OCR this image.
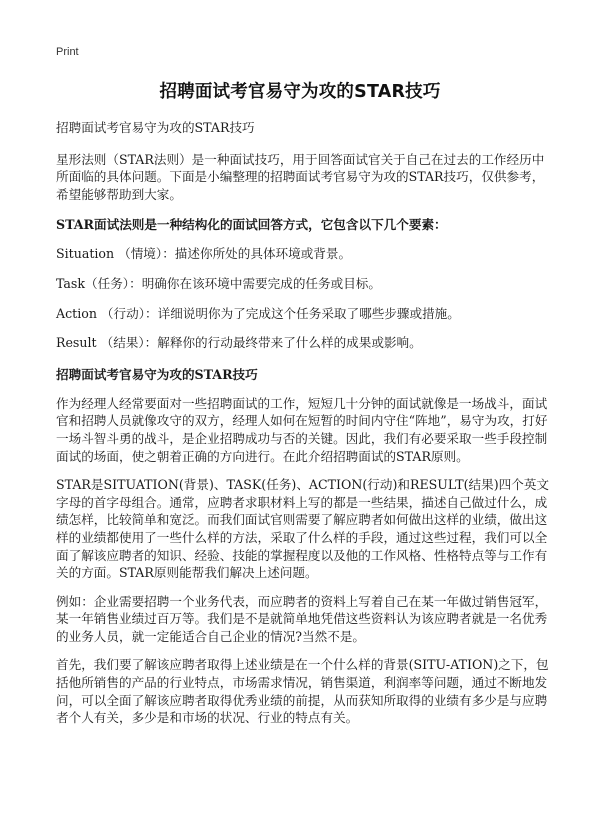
Print
招聘面试考官易守为攻的STAR技巧

招聘面试考官易守为攻的STAR技巧

星形法则（STAR法则）是一种面试技巧，用于回答面试官关于自己在过去的工作经历中所面临的具体问题。下面是小编整理的招聘面试考官易守为攻的STAR技巧，仅供参考，希望能够帮助到大家。

STAR面试法则是一种结构化的面试回答方式，它包含以下几个要素：

Situation （情境）：描述你所处的具体环境或背景。

Task（任务）：明确你在该环境中需要完成的任务或目标。

Action （行动）：详细说明你为了完成这个任务采取了哪些步骤或措施。

Result （结果）：解释你的行动最终带来了什么样的成果或影响。

招聘面试考官易守为攻的STAR技巧

作为经理人经常要面对一些招聘面试的工作，短短几十分钟的面试就像是一场战斗，面试官和招聘人员就像攻守的双方，经理人如何在短暂的时间内守住“阵地”，易守为攻，打好一场斗智斗勇的战斗，是企业招聘成功与否的关键。因此，我们有必要采取一些手段控制面试的场面，使之朝着正确的方向进行。在此介绍招聘面试的STAR原则。

STAR是SITUATION(背景)、TASK(任务)、ACTION(行动)和RESULT(结果)四个英文字母的首字母组合。通常，应聘者求职材料上写的都是一些结果，描述自己做过什么，成绩怎样，比较简单和宽泛。而我们面试官则需要了解应聘者如何做出这样的业绩，做出这样的业绩都使用了一些什么样的方法，采取了什么样的手段，通过这些过程，我们可以全面了解该应聘者的知识、经验、技能的掌握程度以及他的工作风格、性格特点等与工作有关的方面。STAR原则能帮我们解决上述问题。

例如：企业需要招聘一个业务代表，而应聘者的资料上写着自己在某一年做过销售冠军，某一年销售业绩过百万等。我们是不是就简单地凭借这些资料认为该应聘者就是一名优秀的业务人员，就一定能适合自己企业的情况?当然不是。

首先，我们要了解该应聘者取得上述业绩是在一个什么样的背景(SITU-ATION)之下，包括他所销售的产品的行业特点，市场需求情况，销售渠道，利润率等问题，通过不断地发问，可以全面了解该应聘者取得优秀业绩的前提，从而获知所取得的业绩有多少是与应聘者个人有关，多少是和市场的状况、行业的特点有关。
